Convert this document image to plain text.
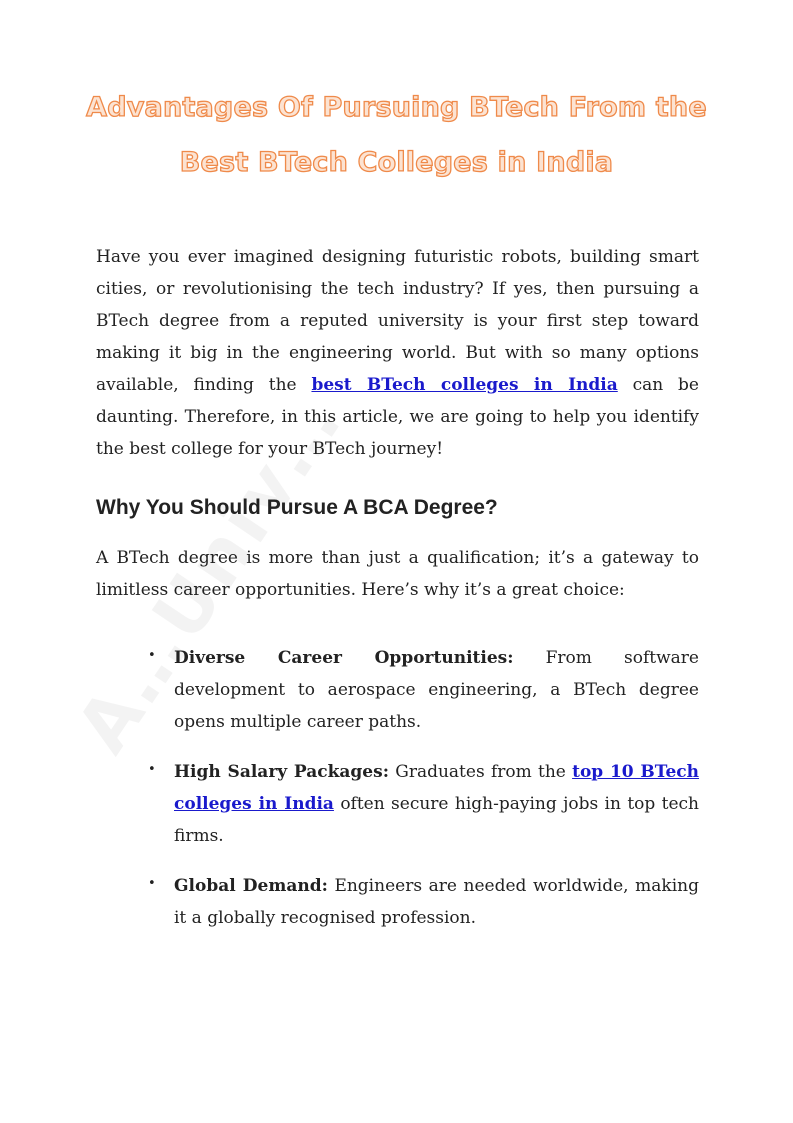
Advantages Of Pursuing BTech From the Best BTech Colleges in India

Have you ever imagined designing futuristic robots, building smart cities, or revolutionising the tech industry? If yes, then pursuing a BTech degree from a reputed university is your first step toward making it big in the engineering world. But with so many options available, finding the best BTech colleges in India can be daunting. Therefore, in this article, we are going to help you identify the best college for your BTech journey!

Why You Should Pursue A BCA Degree?

A BTech degree is more than just a qualification; it’s a gateway to limitless career opportunities. Here’s why it’s a great choice:

• Diverse Career Opportunities: From software development to aerospace engineering, a BTech degree opens multiple career paths.

• High Salary Packages: Graduates from the top 10 BTech colleges in India often secure high-paying jobs in top tech firms.

• Global Demand: Engineers are needed worldwide, making it a globally recognised profession.
